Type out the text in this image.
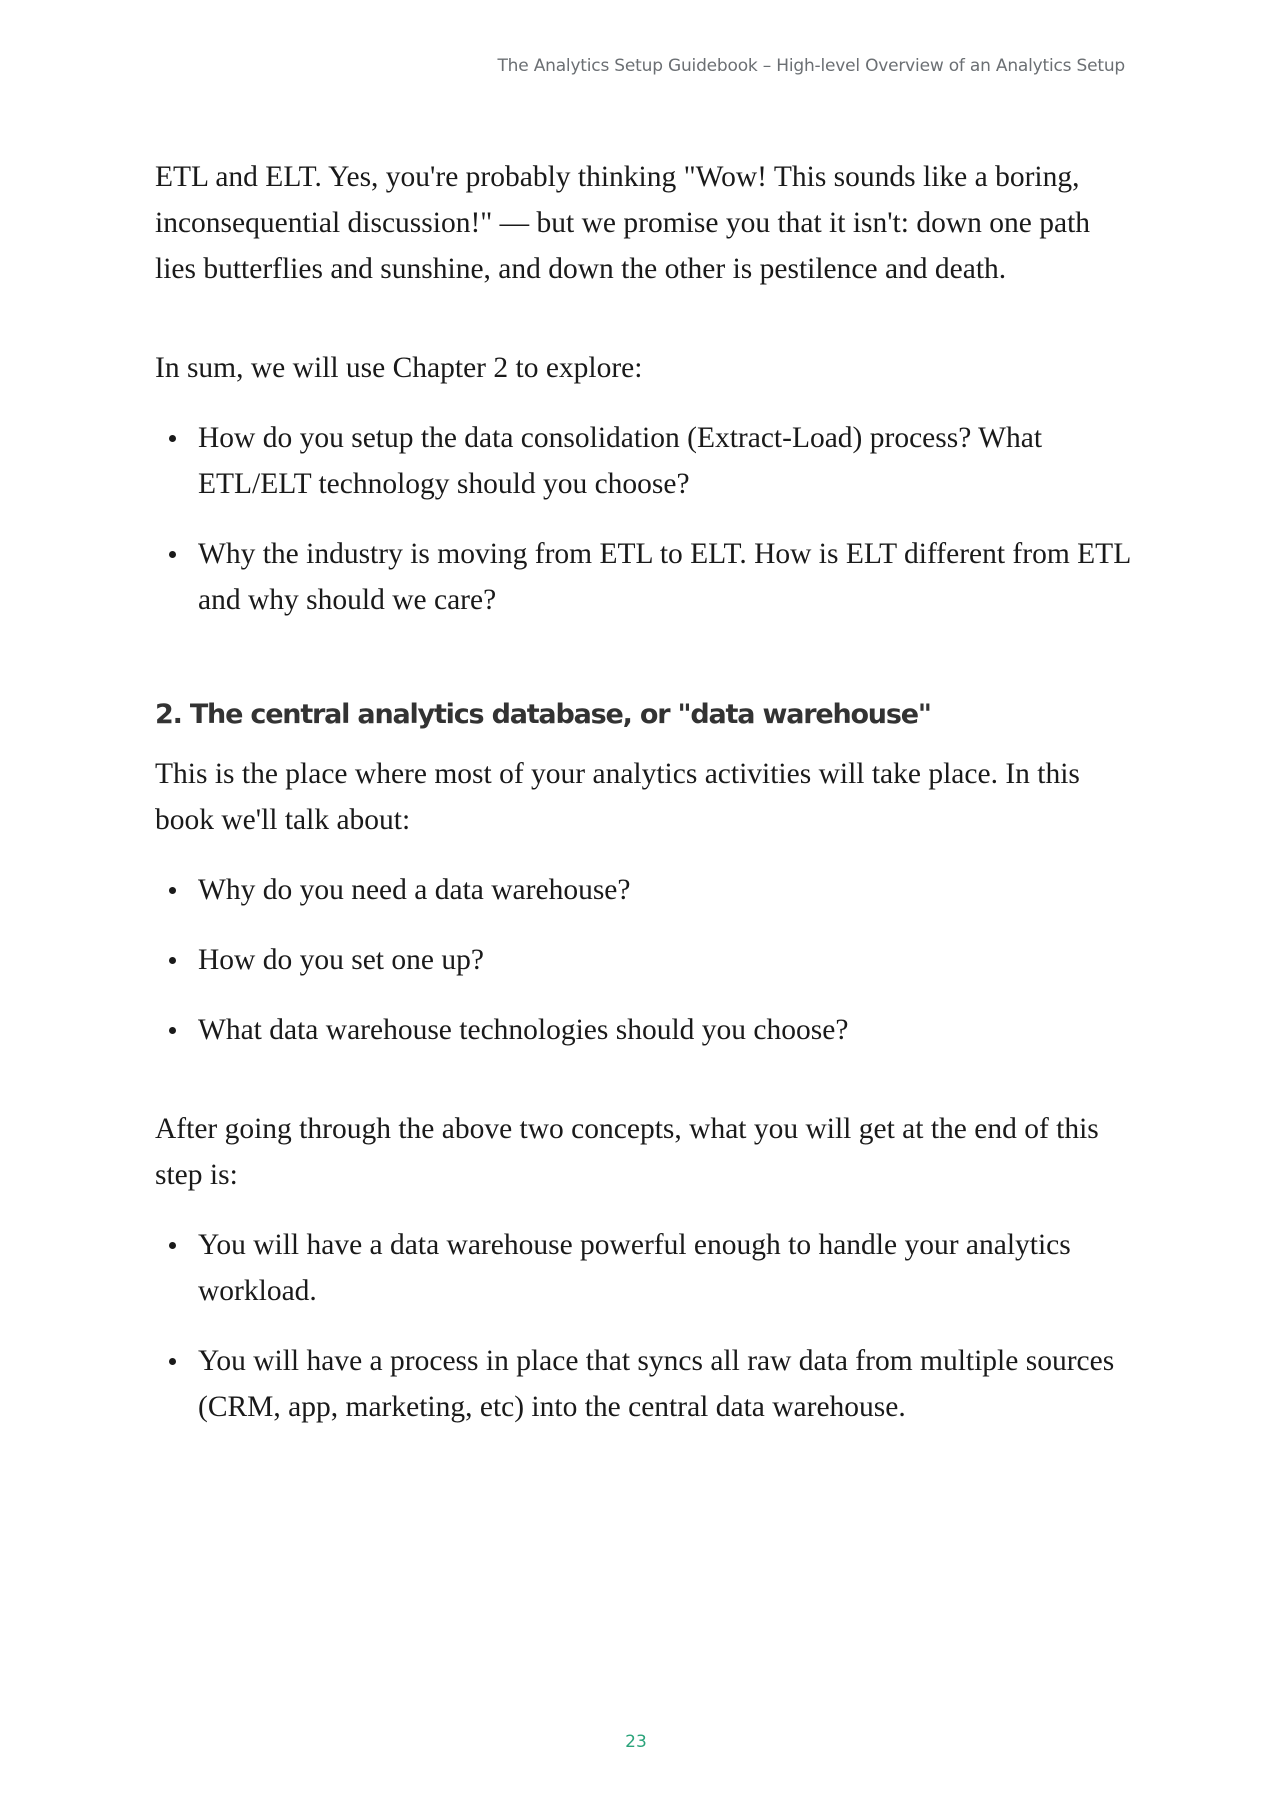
The Analytics Setup Guidebook – High-level Overview of an Analytics Setup

ETL and ELT. Yes, you're probably thinking "Wow! This sounds like a boring, inconsequential discussion!" — but we promise you that it isn't: down one path lies butterflies and sunshine, and down the other is pestilence and death.

In sum, we will use Chapter 2 to explore:

How do you setup the data consolidation (Extract-Load) process? What ETL/ELT technology should you choose?
Why the industry is moving from ETL to ELT. How is ELT different from ETL and why should we care?
2. The central analytics database, or "data warehouse"

This is the place where most of your analytics activities will take place. In this book we'll talk about:

Why do you need a data warehouse?
How do you set one up?
What data warehouse technologies should you choose?

After going through the above two concepts, what you will get at the end of this step is:

You will have a data warehouse powerful enough to handle your analytics workload.
You will have a process in place that syncs all raw data from multiple sources (CRM, app, marketing, etc) into the central data warehouse.
23
